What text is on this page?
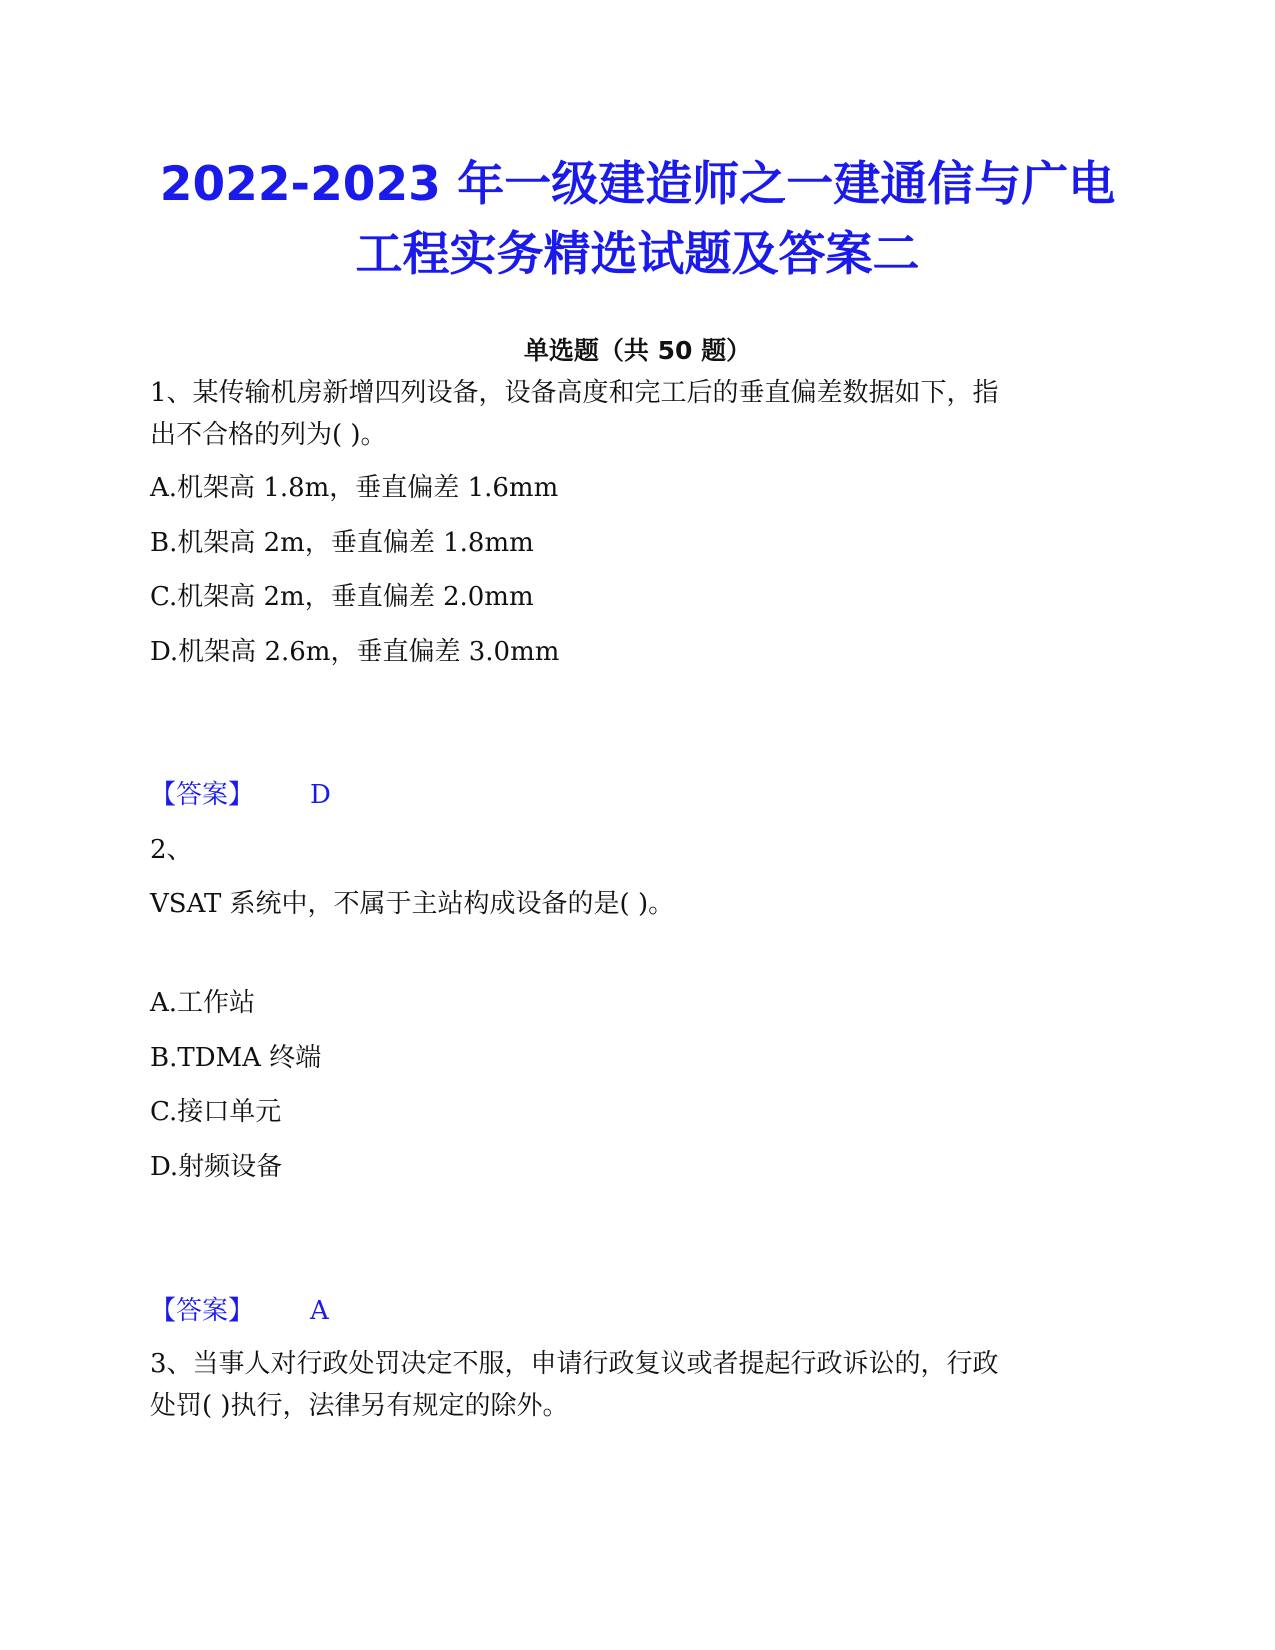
2022-2023 年一级建造师之一建通信与广电
工程实务精选试题及答案二
单选题（共 50 题）
1、某传输机房新增四列设备，设备高度和完工后的垂直偏差数据如下，指
出不合格的列为( )。
A.机架高 1.8m，垂直偏差 1.6mm
B.机架高 2m，垂直偏差 1.8mm
C.机架高 2m，垂直偏差 2.0mm
D.机架高 2.6m，垂直偏差 3.0mm
【答案】 D
2、
VSAT 系统中，不属于主站构成设备的是( )。
A.工作站
B.TDMA 终端
C.接口单元
D.射频设备
【答案】 A
3、当事人对行政处罚决定不服，申请行政复议或者提起行政诉讼的，行政
处罚( )执行，法律另有规定的除外。
